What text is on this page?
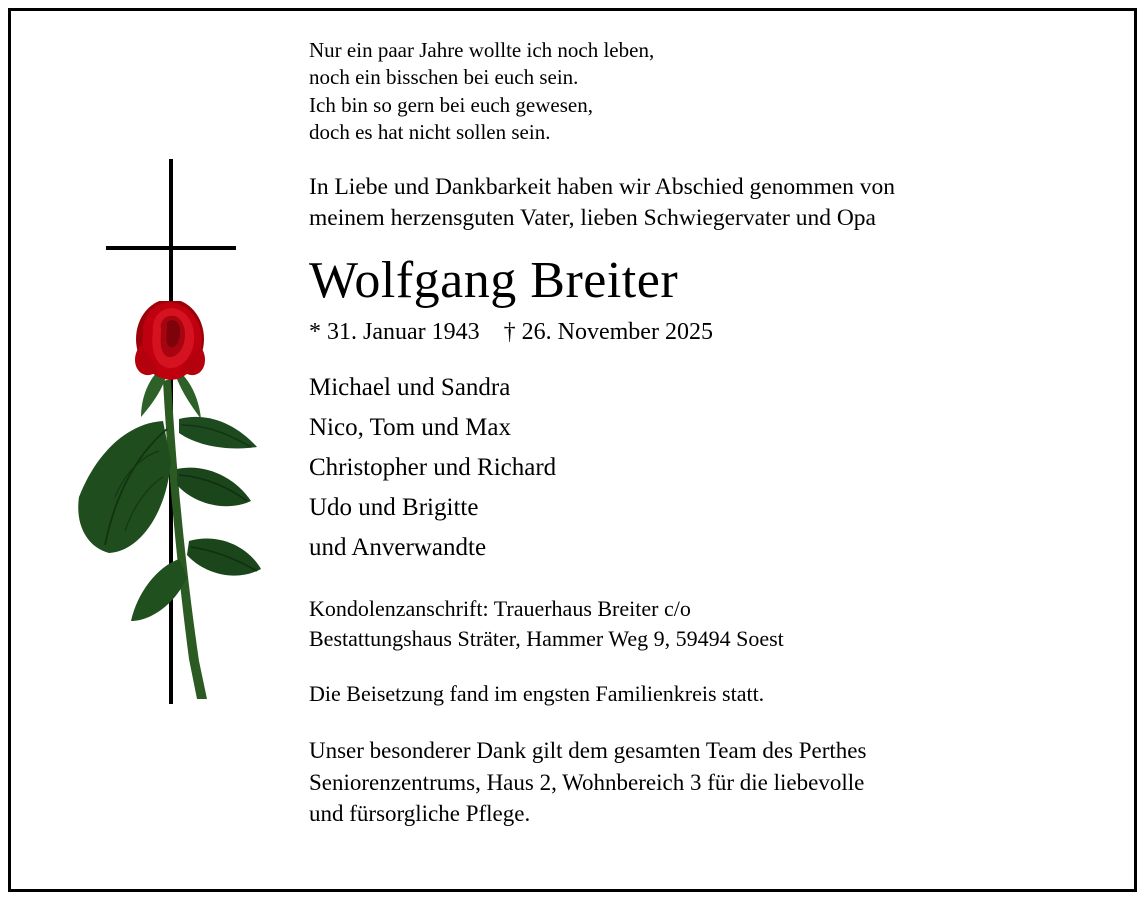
Nur ein paar Jahre wollte ich noch leben,
noch ein bisschen bei euch sein.
Ich bin so gern bei euch gewesen,
doch es hat nicht sollen sein.
In Liebe und Dankbarkeit haben wir Abschied genommen von
meinem herzensguten Vater, lieben Schwiegervater und Opa
Wolfgang Breiter
* 31. Januar 1943 † 26. November 2025
Michael und Sandra
Nico, Tom und Max
Christopher und Richard
Udo und Brigitte
und Anverwandte
Kondolenzanschrift: Trauerhaus Breiter c/o
Bestattungshaus Sträter, Hammer Weg 9, 59494 Soest
Die Beisetzung fand im engsten Familienkreis statt.
Unser besonderer Dank gilt dem gesamten Team des Perthes
Seniorenzentrums, Haus 2, Wohnbereich 3 für die liebevolle
und fürsorgliche Pflege.
